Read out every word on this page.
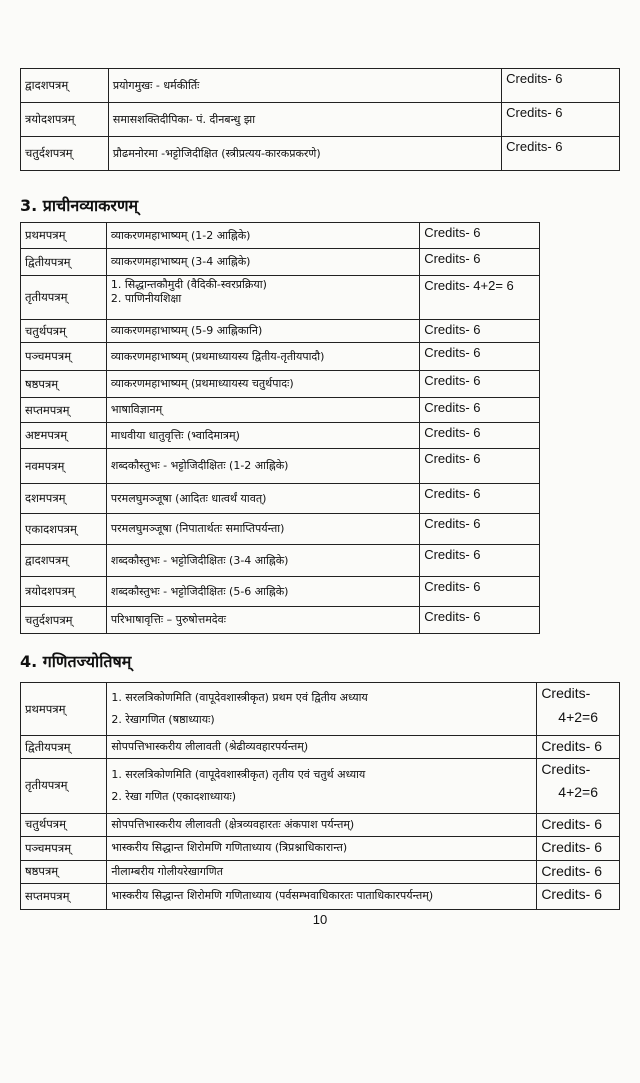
द्वादशपत्रम्	प्रयोगमुखः - धर्मकीर्तिः	Credits- 6
त्रयोदशपत्रम्	समासशक्तिदीपिका- पं. दीनबन्धु झा	Credits- 6
चतुर्दशपत्रम्	प्रौढमनोरमा -भट्टोजिदीक्षित (स्त्रीप्रत्यय-कारकप्रकरणे)	Credits- 6
3. प्राचीनव्याकरणम्
प्रथमपत्रम्	व्याकरणमहाभाष्यम् (1-2 आह्निके)	Credits- 6
द्वितीयपत्रम्	व्याकरणमहाभाष्यम् (3-4 आह्निके)	Credits- 6
तृतीयपत्रम्	1. सिद्धान्तकौमुदी (वैदिकी-स्वरप्रक्रिया)
2. पाणिनीयशिक्षा	Credits- 4+2= 6
चतुर्थपत्रम्	व्याकरणमहाभाष्यम् (5-9 आह्निकानि)	Credits- 6
पञ्चमपत्रम्	व्याकरणमहाभाष्यम् (प्रथमाध्यायस्य द्वितीय-तृतीयपादौ)	Credits- 6
षष्ठपत्रम्	व्याकरणमहाभाष्यम् (प्रथमाध्यायस्य चतुर्थपादः)	Credits- 6
सप्तमपत्रम्	भाषाविज्ञानम्	Credits- 6
अष्टमपत्रम्	माधवीया धातुवृत्तिः (भ्वादिमात्रम्)	Credits- 6
नवमपत्रम्	शब्दकौस्तुभः - भट्टोजिदीक्षितः (1-2 आह्निके)	Credits- 6
दशमपत्रम्	परमलघुमञ्जूषा (आदितः धात्वर्थं यावत्)	Credits- 6
एकादशपत्रम्	परमलघुमञ्जूषा (निपातार्थतः समाप्तिपर्यन्ता)	Credits- 6
द्वादशपत्रम्	शब्दकौस्तुभः - भट्टोजिदीक्षितः (3-4 आह्निके)	Credits- 6
त्रयोदशपत्रम्	शब्दकौस्तुभः - भट्टोजिदीक्षितः (5-6 आह्निके)	Credits- 6
चतुर्दशपत्रम्	परिभाषावृत्तिः – पुरुषोत्तमदेवः	Credits- 6
4. गणितज्योतिषम्
प्रथमपत्रम्	1. सरलत्रिकोणमिति (वापूदेवशास्त्रीकृत) प्रथम एवं द्वितीय अध्याय
2. रेखागणित (षष्ठाध्यायः)	Credits-
4+2=6

द्वितीयपत्रम्	सोपपत्तिभास्करीय लीलावती (श्रेढीव्यवहारपर्यन्तम्)	Credits- 6
तृतीयपत्रम्	1. सरलत्रिकोणमिति (वापूदेवशास्त्रीकृत) तृतीय एवं चतुर्थ अध्याय
2. रेखा गणित (एकादशाध्यायः)	Credits-
4+2=6

चतुर्थपत्रम्	सोपपत्तिभास्करीय लीलावती (क्षेत्रव्यवहारतः अंकपाश पर्यन्तम्)	Credits- 6
पञ्चमपत्रम्	भास्करीय सिद्धान्त शिरोमणि गणिताध्याय (त्रिप्रश्नाधिकारान्त)	Credits- 6
षष्ठपत्रम्	नीलाम्बरीय गोलीयरेखागणित	Credits- 6
सप्तमपत्रम्	भास्करीय सिद्धान्त शिरोमणि गणिताध्याय (पर्वसम्भवाधिकारतः पाताधिकारपर्यन्तम्)	Credits- 6
10
